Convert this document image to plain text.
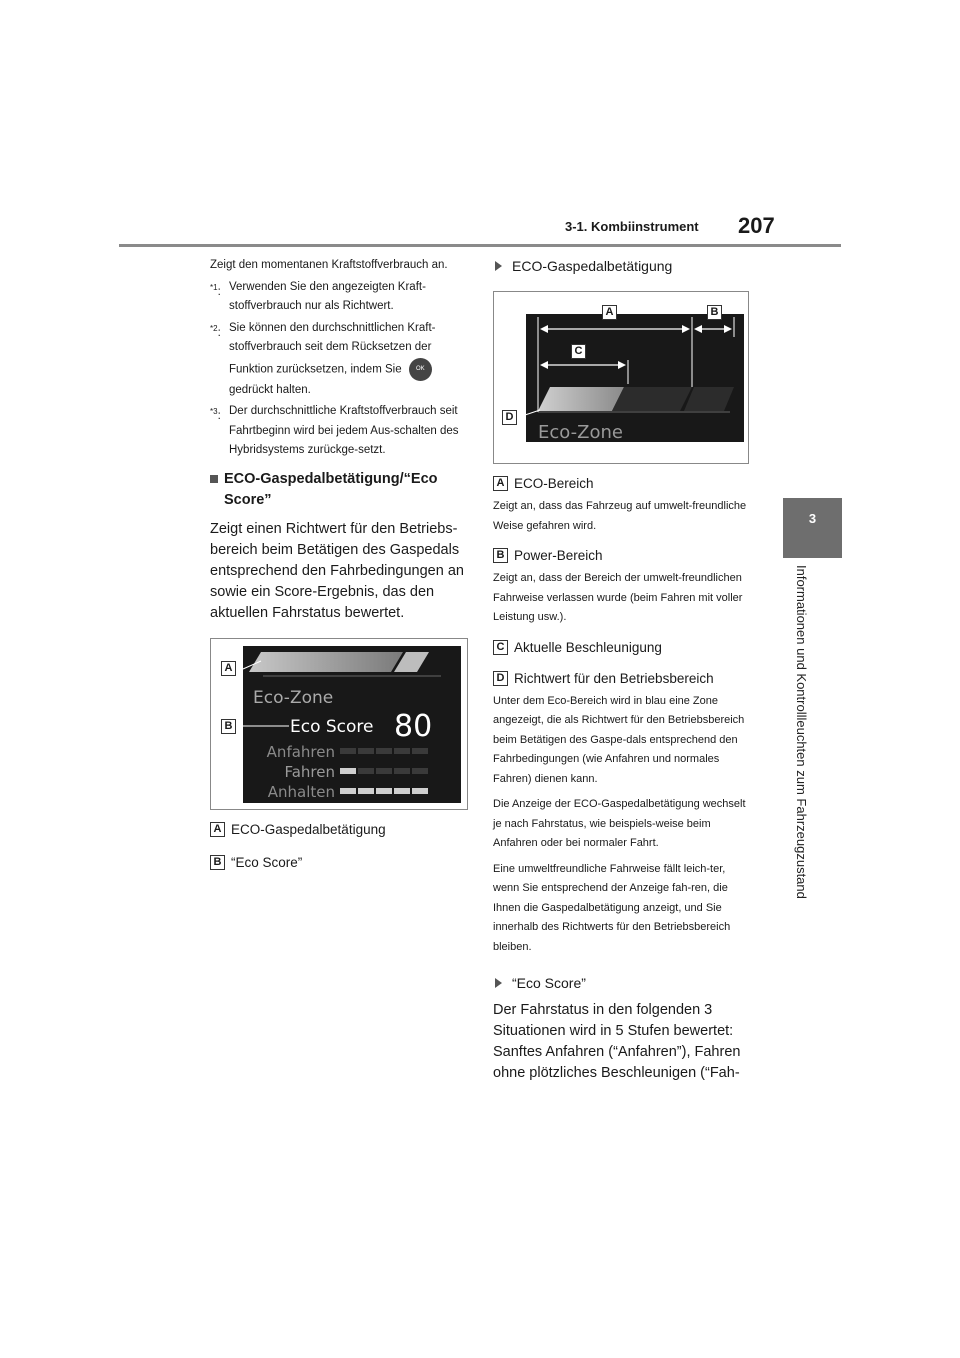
3-1. Kombiinstrument 207
3
Informationen und Kontrollleuchten zum Fahrzeugzustand
Zeigt den momentanen Kraftstoffverbrauch an.
$^{*1}$: Verwenden Sie den angezeigten Kraft-stoffverbrauch nur als Richtwert.
$^{*2}$: Sie können den durchschnittlichen Kraft-stoffverbrauch seit dem Rücksetzen der Funktion zurücksetzen, indem Sie OK gedrückt halten.
$^{*3}$: Der durchschnittliche Kraftstoffverbrauch seit Fahrtbeginn wird bei jedem Aus-schalten des Hybridsystems zurückge-setzt.
ECO-Gaspedalbetätigung/“Eco Score”
Zeigt einen Richtwert für den Betriebs-bereich beim Betätigen des Gaspedals entsprechend den Fahrbedingungen an sowie ein Score-Ergebnis, das den aktuellen Fahrstatus bewertet.
Eco-Zone
Eco Score 80
Anfahren
Fahren
Anhalten
A
B
A ECO-Gaspedalbetätigung
B “Eco Score”
ECO-Gaspedalbetätigung
Eco-Zone
A	B
C
D
A ECO-Bereich
Zeigt an, dass das Fahrzeug auf umwelt-freundliche Weise gefahren wird.
B Power-Bereich
Zeigt an, dass der Bereich der umwelt-freundlichen Fahrweise verlassen wurde (beim Fahren mit voller Leistung usw.).
C Aktuelle Beschleunigung
D Richtwert für den Betriebsbereich
Unter dem Eco-Bereich wird in blau eine Zone angezeigt, die als Richtwert für den Betriebsbereich beim Betätigen des Gaspe-dals entsprechend den Fahrbedingungen (wie Anfahren und normales Fahren) dienen kann.
Die Anzeige der ECO-Gaspedalbetätigung wechselt je nach Fahrstatus, wie beispiels-weise beim Anfahren oder bei normaler Fahrt.
Eine umweltfreundliche Fahrweise fällt leich-ter, wenn Sie entsprechend der Anzeige fah-ren, die Ihnen die Gaspedalbetätigung anzeigt, und Sie innerhalb des Richtwerts für den Betriebsbereich bleiben.
“Eco Score”
Der Fahrstatus in den folgenden 3 Situationen wird in 5 Stufen bewertet: Sanftes Anfahren (“Anfahren”), Fahren ohne plötzliches Beschleunigen (“Fah-
